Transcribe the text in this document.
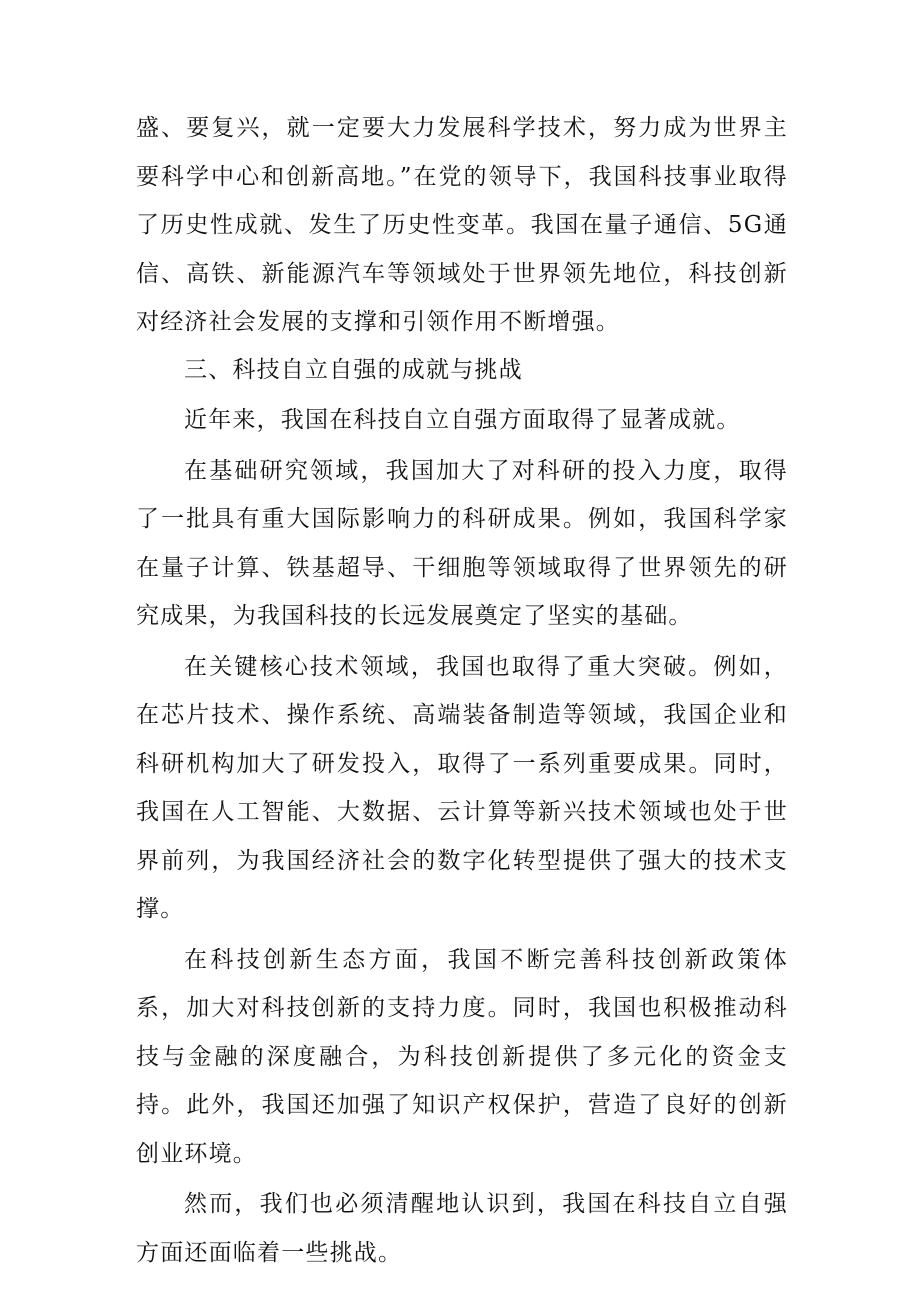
盛、要复兴，就一定要大力发展科学技术，努力成为世界主要科学中心和创新高地。”在党的领导下，我国科技事业取得了历史性成就、发生了历史性变革。我国在量子通信、5G通信、高铁、新能源汽车等领域处于世界领先地位，科技创新对经济社会发展的支撑和引领作用不断增强。

三、科技自立自强的成就与挑战

近年来，我国在科技自立自强方面取得了显著成就。

在基础研究领域，我国加大了对科研的投入力度，取得了一批具有重大国际影响力的科研成果。例如，我国科学家在量子计算、铁基超导、干细胞等领域取得了世界领先的研究成果，为我国科技的长远发展奠定了坚实的基础。

在关键核心技术领域，我国也取得了重大突破。例如，在芯片技术、操作系统、高端装备制造等领域，我国企业和科研机构加大了研发投入，取得了一系列重要成果。同时，我国在人工智能、大数据、云计算等新兴技术领域也处于世界前列，为我国经济社会的数字化转型提供了强大的技术支撑。

在科技创新生态方面，我国不断完善科技创新政策体系，加大对科技创新的支持力度。同时，我国也积极推动科技与金融的深度融合，为科技创新提供了多元化的资金支持。此外，我国还加强了知识产权保护，营造了良好的创新创业环境。

然而，我们也必须清醒地认识到，我国在科技自立自强方面还面临着一些挑战。
